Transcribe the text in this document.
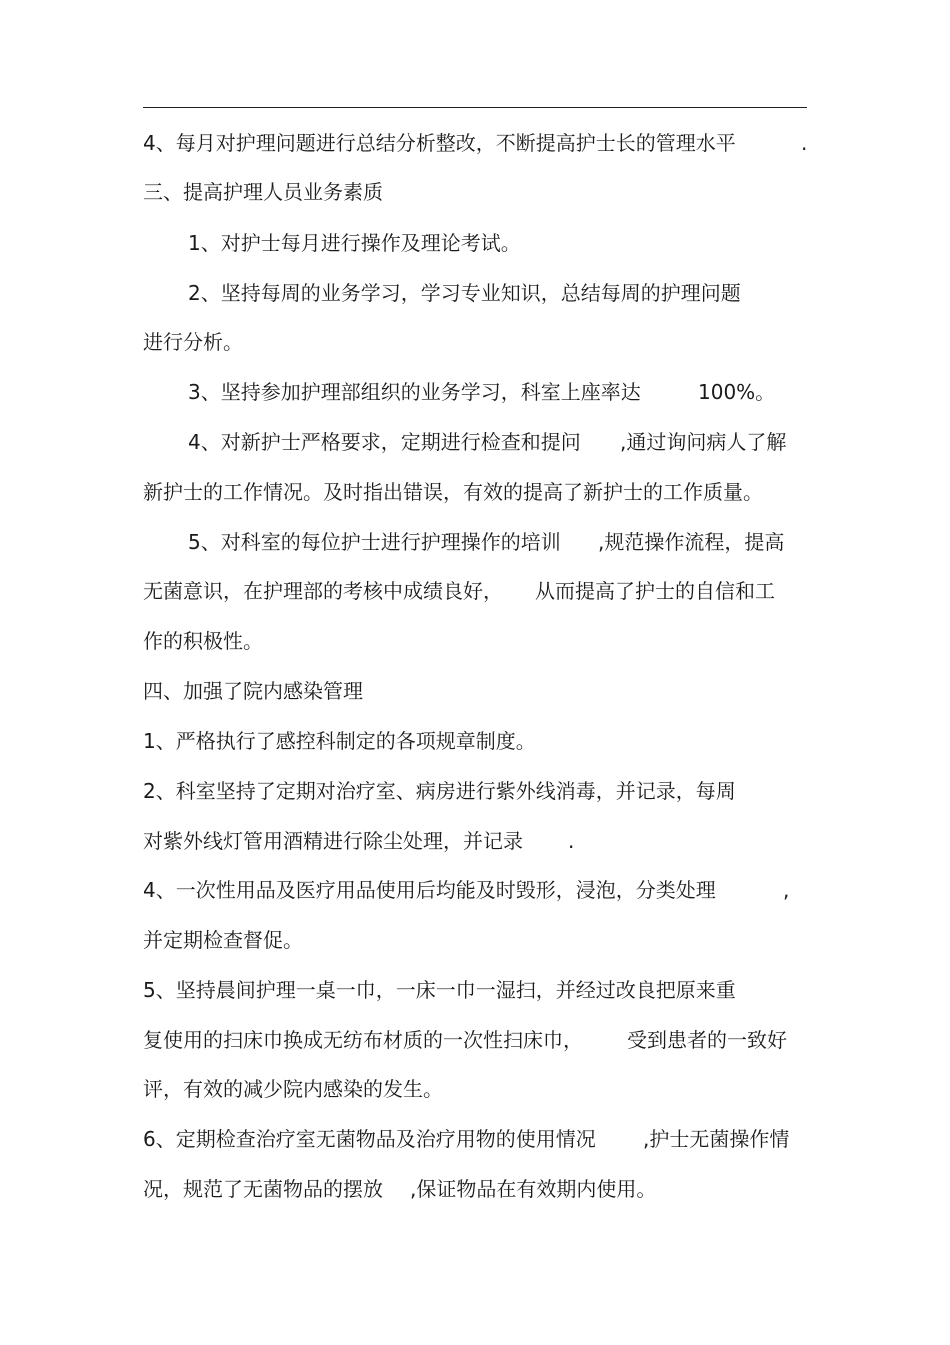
4、每月对护理问题进行总结分析整改，不断提高护士长的管理水平	.
三、提高护理人员业务素质
1、对护士每月进行操作及理论考试。
2、坚持每周的业务学习，学习专业知识，总结每周的护理问题
进行分析。
3、坚持参加护理部组织的业务学习，科室上座率达	100%。
4、对新护士严格要求，定期进行检查和提问 ,通过询问病人了解
新护士的工作情况。及时指出错误，有效的提高了新护士的工作质量。
5、对科室的每位护士进行护理操作的培训 ,规范操作流程，提高
无菌意识，在护理部的考核中成绩良好， 从而提高了护士的自信和工
作的积极性。
四、加强了院内感染管理
1、严格执行了感控科制定的各项规章制度。
2、科室坚持了定期对治疗室、病房进行紫外线消毒，并记录，每周
对紫外线灯管用酒精进行除尘处理，并记录 .
4、一次性用品及医疗用品使用后均能及时毁形，浸泡，分类处理	,
并定期检查督促。
5、坚持晨间护理一桌一巾，一床一巾一湿扫，并经过改良把原来重
复使用的扫床巾换成无纺布材质的一次性扫床巾， 受到患者的一致好
评，有效的减少院内感染的发生。
6、定期检查治疗室无菌物品及治疗用物的使用情况 ,护士无菌操作情
况，规范了无菌物品的摆放 ,保证物品在有效期内使用。
